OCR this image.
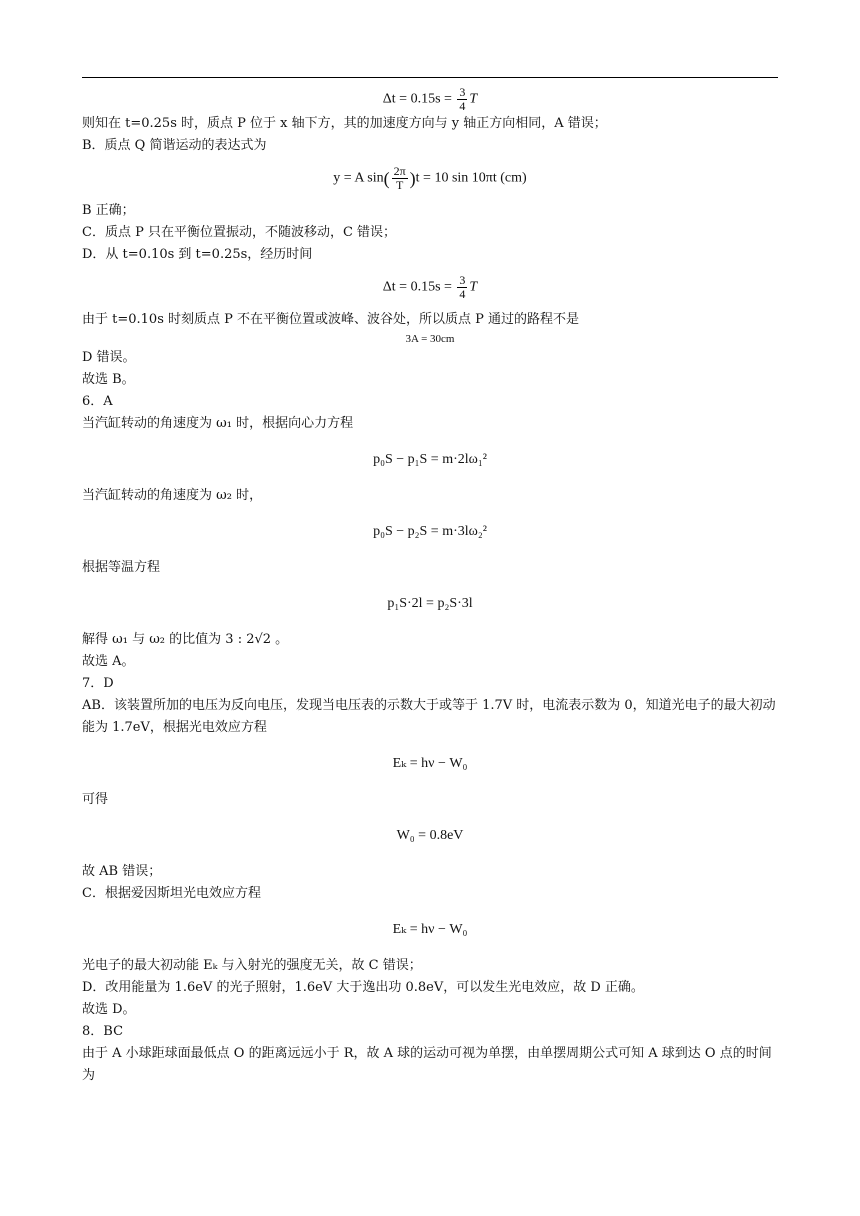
$\Delta t = 0.15s = \frac{3}{4}$ T

则知在 t=0.25s 时，质点 P 位于 x 轴下方，其的加速度方向与 y 轴正方向相同，A 错误；

B．质点 Q 简谐运动的表达式为

y = A $\sin( \frac{2\pi}{T} )t = 10$ sin 10πt (cm)

B 正确；

C．质点 P 只在平衡位置振动，不随波移动，C 错误；

D．从 t=0.10s 到 t=0.25s，经历时间

$\Delta t = 0.15s = \frac{3}{4}$ T

由于 t=0.10s 时刻质点 P 不在平衡位置或波峰、波谷处，所以质点 P 通过的路程不是

3A = 30cm

D 错误。

故选 B。

6．A

当汽缸转动的角速度为 ω₁ 时，根据向心力方程

p₀S − p₁S = m·2lω₁²

当汽缸转动的角速度为 ω₂ 时，

p₀S − p₂S = m·3lω₂²

根据等温方程

p₁S·2l = p₂S·3l

解得 ω₁ 与 ω₂ 的比值为 3 : 2√2 。

故选 A。

7．D

AB．该装置所加的电压为反向电压，发现当电压表的示数大于或等于 1.7V 时，电流表示数为 0，知道光电子的最大初动能为 1.7eV，根据光电效应方程

Eₖ = hν − W₀

可得

W₀ = 0.8eV

故 AB 错误；

C．根据爱因斯坦光电效应方程

Eₖ = hν − W₀

光电子的最大初动能 Eₖ 与入射光的强度无关，故 C 错误；

D．改用能量为 1.6eV 的光子照射，1.6eV 大于逸出功 0.8eV，可以发生光电效应，故 D 正确。

故选 D。

8．BC

由于 A 小球距球面最低点 O 的距离远远小于 R，故 A 球的运动可视为单摆，由单摆周期公式可知 A 球到达 O 点的时间为
